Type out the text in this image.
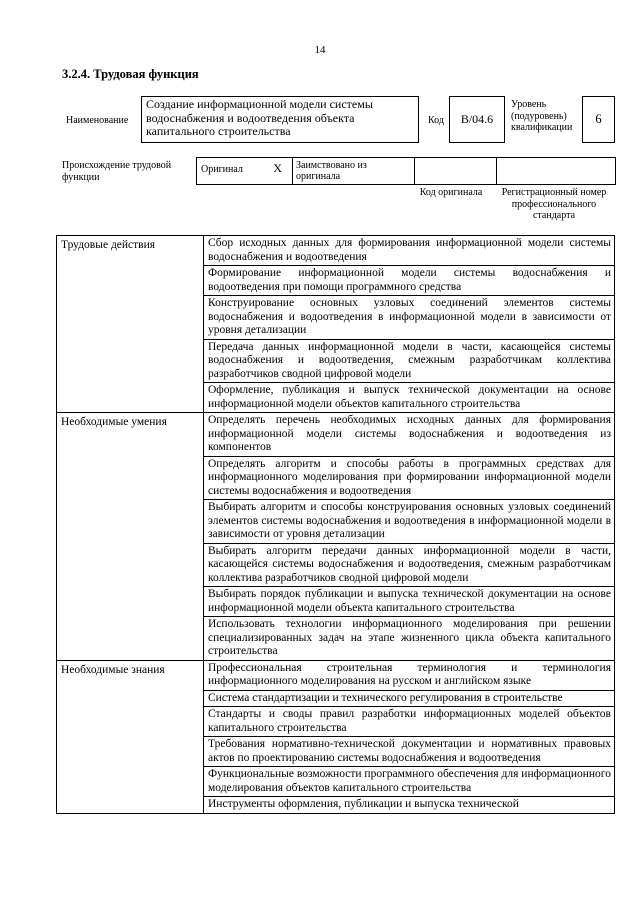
14
3.2.4. Трудовая функция
Наименование
Создание информационной модели системы водоснабжения и водоотведения объекта капитального строительства
Код В/04.6
Уровень (подуровень) квалификации
6
Происхождение трудовой функции
Оригинал	X	Заимствовано из оригинала
Код оригинала	Регистрационный номер профессионального стандарта
Трудовые действия	Сбор исходных данных для формирования информационной модели системы водоснабжения и водоотведения
	Формирование информационной модели системы водоснабжения и водоотведения при помощи программного средства
	Конструирование основных узловых соединений элементов системы водоснабжения и водоотведения в информационной модели в зависимости от уровня детализации
	Передача данных информационной модели в части, касающейся системы водоснабжения и водоотведения, смежным разработчикам коллектива разработчиков сводной цифровой модели
	Оформление, публикация и выпуск технической документации на основе информационной модели объектов капитального строительства
Необходимые умения	Определять перечень необходимых исходных данных для формирования информационной модели системы водоснабжения и водоотведения из компонентов
	Определять алгоритм и способы работы в программных средствах для информационного моделирования при формировании информационной модели системы водоснабжения и водоотведения
	Выбирать алгоритм и способы конструирования основных узловых соединений элементов системы водоснабжения и водоотведения в информационной модели в зависимости от уровня детализации
	Выбирать алгоритм передачи данных информационной модели в части, касающейся системы водоснабжения и водоотведения, смежным разработчикам коллектива разработчиков сводной цифровой модели
	Выбирать порядок публикации и выпуска технической документации на основе информационной модели объекта капитального строительства
	Использовать технологии информационного моделирования при решении специализированных задач на этапе жизненного цикла объекта капитального строительства
Необходимые знания	Профессиональная строительная терминология и терминология информационного моделирования на русском и английском языке
	Система стандартизации и технического регулирования в строительстве
	Стандарты и своды правил разработки информационных моделей объектов капитального строительства
	Требования нормативно-технической документации и нормативных правовых актов по проектированию системы водоснабжения и водоотведения
	Функциональные возможности программного обеспечения для информационного моделирования объектов капитального строительства
	Инструменты оформления, публикации и выпуска технической
